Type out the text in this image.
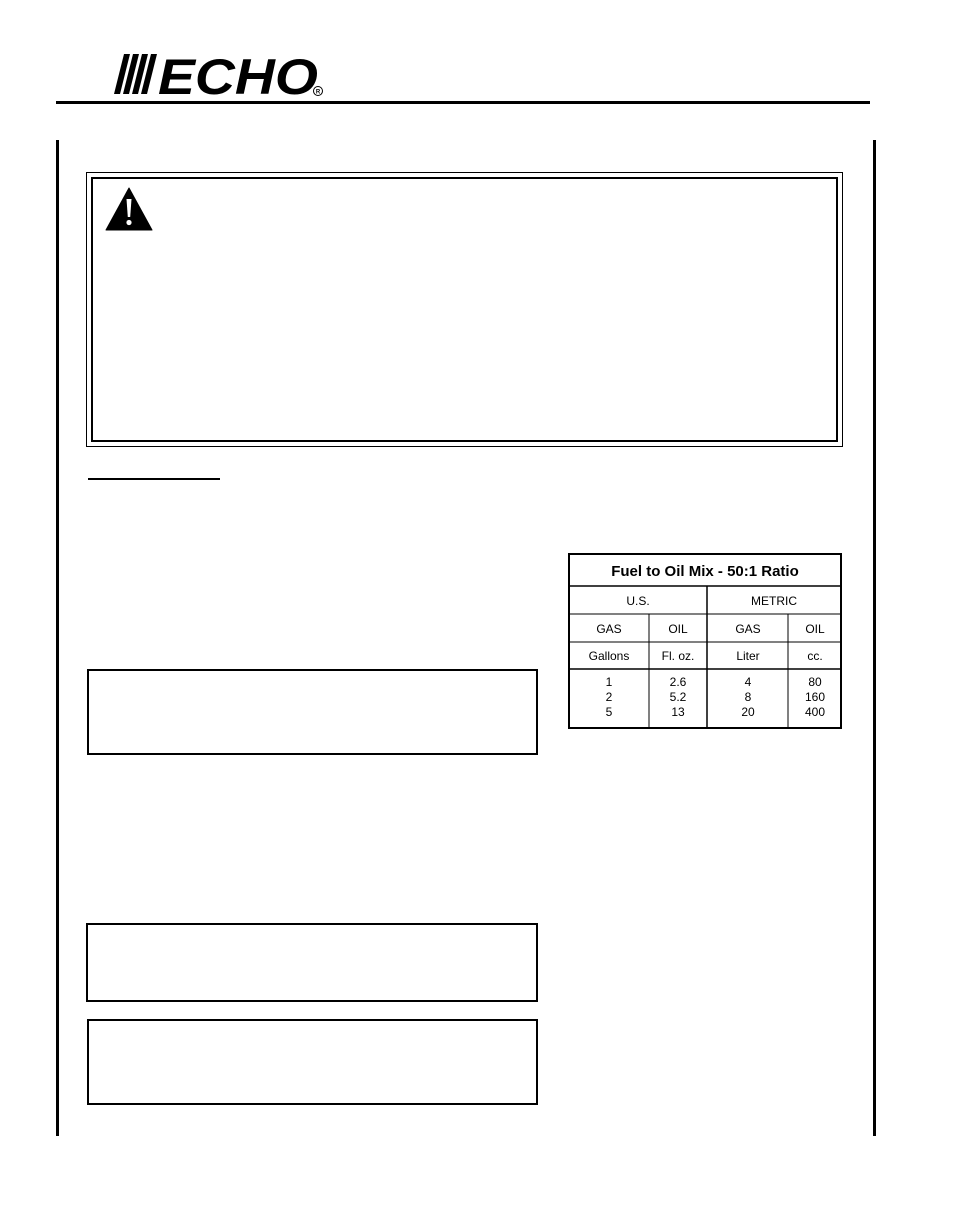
ECHO
R
Fuel to Oil Mix - 50:1 Ratio
U.S.	METRIC
GAS	OIL	GAS	OIL
Gallons	Fl. oz.	Liter	cc.
1	2.6	4	80
2	5.2	8	160
5	13	20	400
